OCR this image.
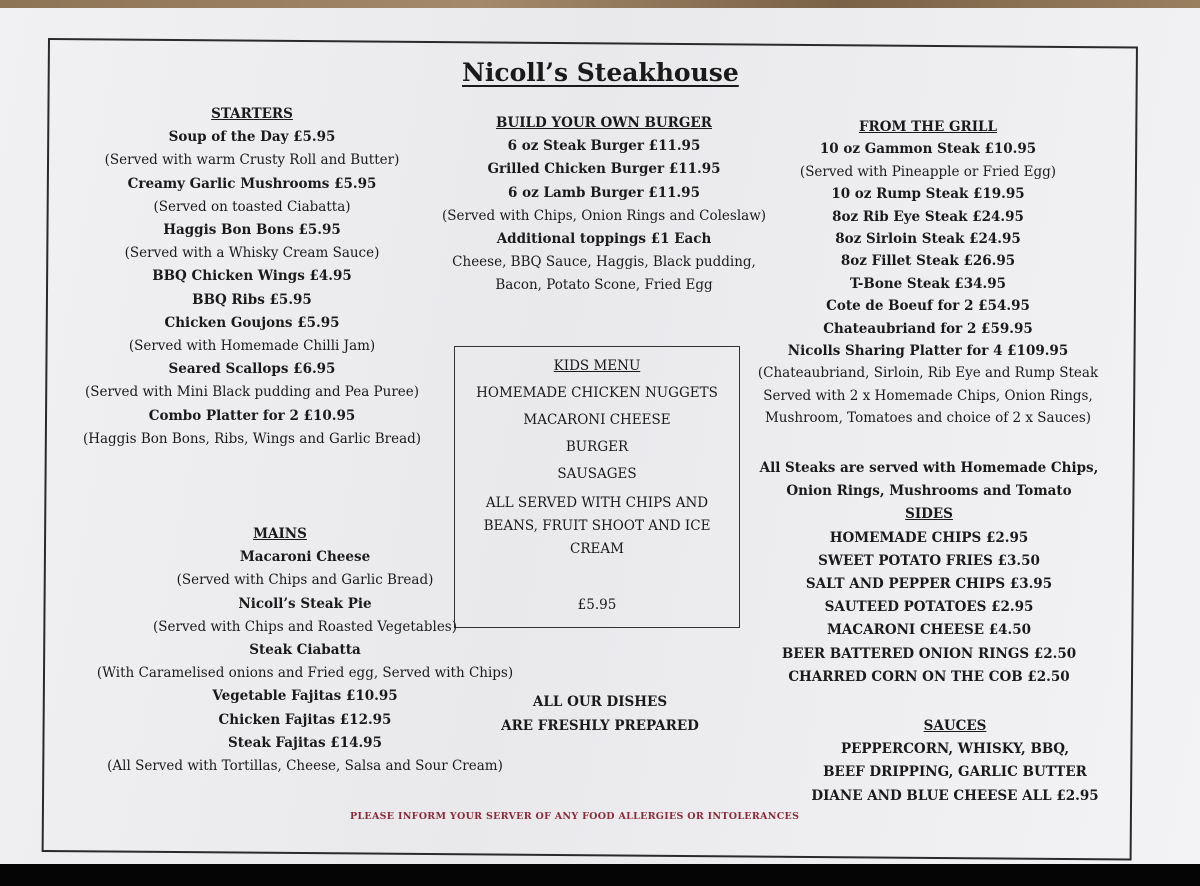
Nicoll’s Steakhouse
STARTERS
Soup of the Day £5.95
(Served with warm Crusty Roll and Butter)
Creamy Garlic Mushrooms £5.95
(Served on toasted Ciabatta)
Haggis Bon Bons £5.95
(Served with a Whisky Cream Sauce)
BBQ Chicken Wings £4.95
BBQ Ribs £5.95
Chicken Goujons £5.95
(Served with Homemade Chilli Jam)
Seared Scallops £6.95
(Served with Mini Black pudding and Pea Puree)
Combo Platter for 2 £10.95
(Haggis Bon Bons, Ribs, Wings and Garlic Bread)
BUILD YOUR OWN BURGER
6 oz Steak Burger £11.95
Grilled Chicken Burger £11.95
6 oz Lamb Burger £11.95
(Served with Chips, Onion Rings and Coleslaw)
Additional toppings £1 Each
Cheese, BBQ Sauce, Haggis, Black pudding,
Bacon, Potato Scone, Fried Egg
FROM THE GRILL
10 oz Gammon Steak £10.95
(Served with Pineapple or Fried Egg)
10 oz Rump Steak £19.95
8oz Rib Eye Steak £24.95
8oz Sirloin Steak £24.95
8oz Fillet Steak £26.95
T-Bone Steak £34.95
Cote de Boeuf for 2 £54.95
Chateaubriand for 2 £59.95
Nicolls Sharing Platter for 4 £109.95
(Chateaubriand, Sirloin, Rib Eye and Rump Steak
Served with 2 x Homemade Chips, Onion Rings,
Mushroom, Tomatoes and choice of 2 x Sauces)
All Steaks are served with Homemade Chips,
Onion Rings, Mushrooms and Tomato
SIDES
HOMEMADE CHIPS £2.95
SWEET POTATO FRIES £3.50
SALT AND PEPPER CHIPS £3.95
SAUTEED POTATOES £2.95
MACARONI CHEESE £4.50
BEER BATTERED ONION RINGS £2.50
CHARRED CORN ON THE COB £2.50
SAUCES
PEPPERCORN, WHISKY, BBQ,
BEEF DRIPPING, GARLIC BUTTER
DIANE AND BLUE CHEESE ALL £2.95
KIDS MENU
HOMEMADE CHICKEN NUGGETS
MACARONI CHEESE
BURGER
SAUSAGES
ALL SERVED WITH CHIPS AND BEANS, FRUIT SHOOT AND ICE CREAM
£5.95
MAINS
Macaroni Cheese
(Served with Chips and Garlic Bread)
Nicoll’s Steak Pie
(Served with Chips and Roasted Vegetables)
Steak Ciabatta
(With Caramelised onions and Fried egg, Served with Chips)
Vegetable Fajitas £10.95
Chicken Fajitas £12.95
Steak Fajitas £14.95
(All Served with Tortillas, Cheese, Salsa and Sour Cream)
ALL OUR DISHES
ARE FRESHLY PREPARED
PLEASE INFORM YOUR SERVER OF ANY FOOD ALLERGIES OR INTOLERANCES
